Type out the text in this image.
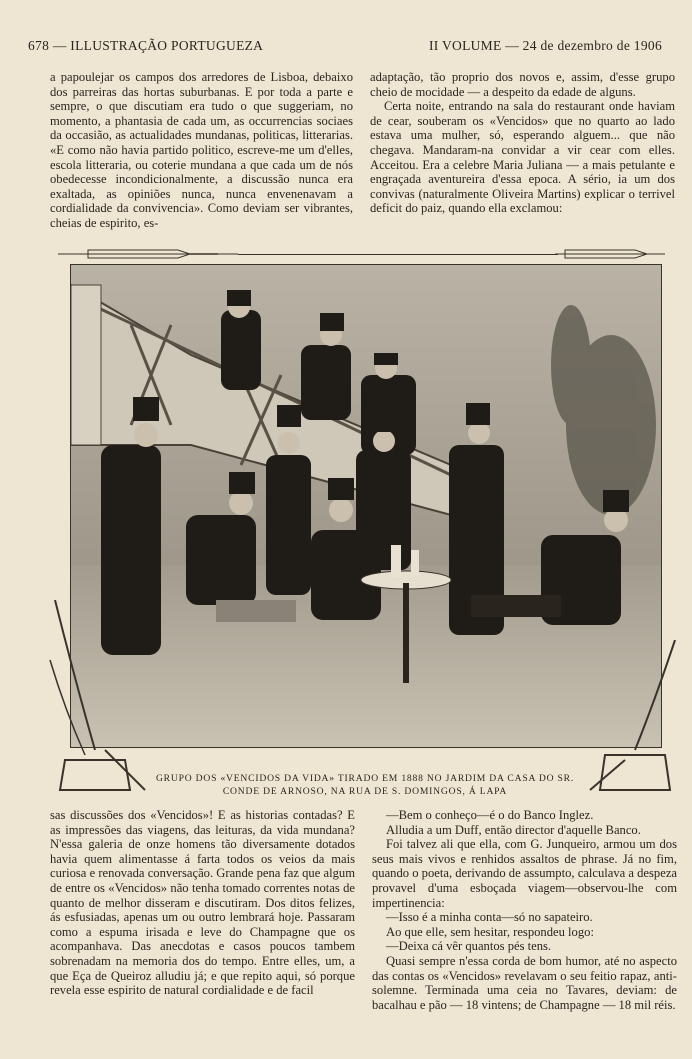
678 — ILLUSTRAÇÃO PORTUGUEZA	II VOLUME — 24 de dezembro de 1906

a papoulejar os campos dos arredores de Lisboa, debaixo dos parreiras das hortas suburbanas. E por toda a parte e sempre, o que discutiam era tudo o que suggeriam, no momento, a phantasia de cada um, as occurrencias sociaes da occasião, as actualidades mundanas, politicas, litterarias. «E como não havia partido politico, escreve-me um d'elles, escola litteraria, ou coterie mundana a que cada um de nós obedecesse incondicionalmente, a discussão nunca era exaltada, as opiniões nunca, nunca envenenavam a cordialidade da convivencia». Como deviam ser vibrantes, cheias de espirito, es-

adaptação, tão proprio dos novos e, assim, d'esse grupo cheio de mocidade — a despeito da edade de alguns.

Certa noite, entrando na sala do restaurant onde haviam de cear, souberam os «Vencidos» que no quarto ao lado estava uma mulher, só, esperando alguem... que não chegava. Mandaram-na convidar a vir cear com elles. Acceitou. Era a celebre Maria Juliana — a mais petulante e engraçada aventureira d'essa epoca. A sério, ia um dos convivas (naturalmente Oliveira Martins) explicar o terrivel deficit do paiz, quando ella exclamou:

GRUPO DOS «VENCIDOS DA VIDA» TIRADO EM 1888 NO JARDIM DA CASA DO SR. CONDE DE ARNOSO, NA RUA DE S. DOMINGOS, Á LAPA

sas discussões dos «Vencidos»! E as historias contadas? E as impressões das viagens, das leituras, da vida mundana? N'essa galeria de onze homens tão diversamente dotados havia quem alimentasse á farta todos os veios da mais curiosa e renovada conversação. Grande pena faz que algum de entre os «Vencidos» não tenha tomado correntes notas de quanto de melhor disseram e discutiram. Dos ditos felizes, ás esfusiadas, apenas um ou outro lembrará hoje. Passaram como a espuma irisada e leve do Champagne que os acompanhava. Das anecdotas e casos poucos tambem sobrenadam na memoria dos do tempo. Entre elles, um, a que Eça de Queiroz alludiu já; e que repito aqui, só porque revela esse espirito de natural cordialidade e de facil

—Bem o conheço—é o do Banco Inglez.

Alludia a um Duff, então director d'aquelle Banco.

Foi talvez ali que ella, com G. Junqueiro, armou um dos seus mais vivos e renhidos assaltos de phrase. Já no fim, quando o poeta, derivando de assumpto, calculava a despeza provavel d'uma esboçada viagem—observou-lhe com impertinencia:

—Isso é a minha conta—só no sapateiro.

Ao que elle, sem hesitar, respondeu logo:

—Deixa cá vêr quantos pés tens.

Quasi sempre n'essa corda de bom humor, até no aspecto das contas os «Vencidos» revelavam o seu feitio rapaz, anti-solemne. Terminada uma ceia no Tavares, deviam: de bacalhau e pão — 18 vintens; de Champagne — 18 mil réis.
